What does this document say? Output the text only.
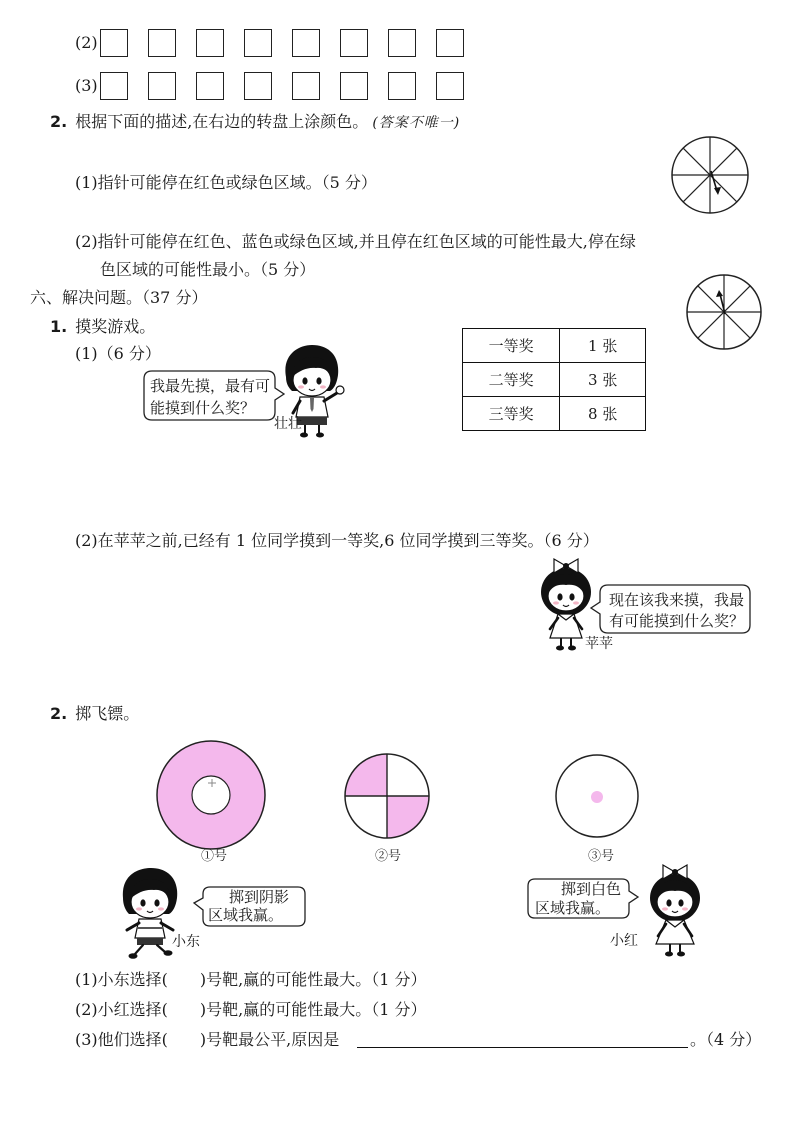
(2)
(3)
2. 根据下面的描述,在右边的转盘上涂颜色。 (答案不唯一)
(1)指针可能停在红色或绿色区域。（5 分）
(2)指针可能停在红色、蓝色或绿色区域,并且停在红色区域的可能性最大,停在绿
色区域的可能性最小。（5 分）
六、解决问题。（37 分）
1. 摸奖游戏。
(1)（6 分）
我最先摸，最有可
能摸到什么奖？
壮壮
一等奖	1 张
二等奖	3 张
三等奖	8 张
(2)在苹苹之前,已经有 1 位同学摸到一等奖,6 位同学摸到三等奖。（6 分）
苹苹
现在该我来摸，我最
有可能摸到什么奖？
2. 掷飞镖。
①号	②号	③号
小东
掷到阴影
区域我赢。
掷到白色
区域我赢。
小红
(1)小东选择(　　)号靶,赢的可能性最大。（1 分）
(2)小红选择(　　)号靶,赢的可能性最大。（1 分）
(3)他们选择(　　)号靶最公平,原因是	。（4 分）
